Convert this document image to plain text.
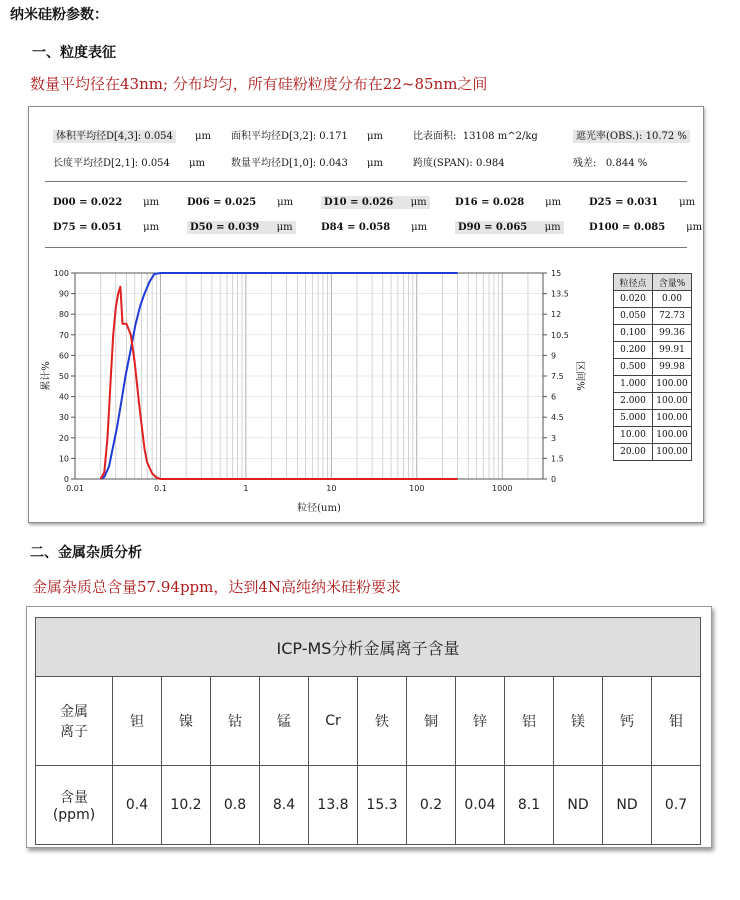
纳米硅粉参数：
一、粒度表征
数量平均径在43nm; 分布均匀，所有硅粉粒度分布在22~85nm之间
体积平均径D[4,3]: 0.054 μm 面积平均径D[3,2]: 0.171 μm	比表面积: 13108 m^2/kg	遮光率(OBS.): 10.72 %
长度平均径D[2,1]: 0.054 μm	数量平均径D[1,0]: 0.043 μm	跨度(SPAN): 0.984	残差: 0.844 %
D00 = 0.022 μm	D06 = 0.025 μm	D10 = 0.026 μm	D16 = 0.028 μm	D25 = 0.031 μm
D75 = 0.051 μm	D50 = 0.039 μm	D84 = 0.058 μm	D90 = 0.065 μm	D100 = 0.085 μm
0
10
20
30
40
50
60
70
80
90
100
0
1.5
3
4.5
6
7.5
9
10.5
12
13.5
15
0.01	0.1	1	10	100	1000
粒径(um)
累计%	区间%
粒径点	含量%
0.020	0.00
0.050	72.73
0.100	99.36
0.200	99.91
0.500	99.98
1.000	100.00
2.000	100.00
5.000	100.00
10.00	100.00
20.00	100.00
二、金属杂质分析
金属杂质总含量57.94ppm，达到4N高纯纳米硅粉要求
ICP-MS分析金属离子含量												
金属
离子	钽	镍	钴	锰	Cr	铁	铜	锌	铝	镁	钙	钼
含量
(ppm)	0.4	10.2	0.8	8.4	13.8	15.3	0.2	0.04	8.1	ND	ND	0.7
